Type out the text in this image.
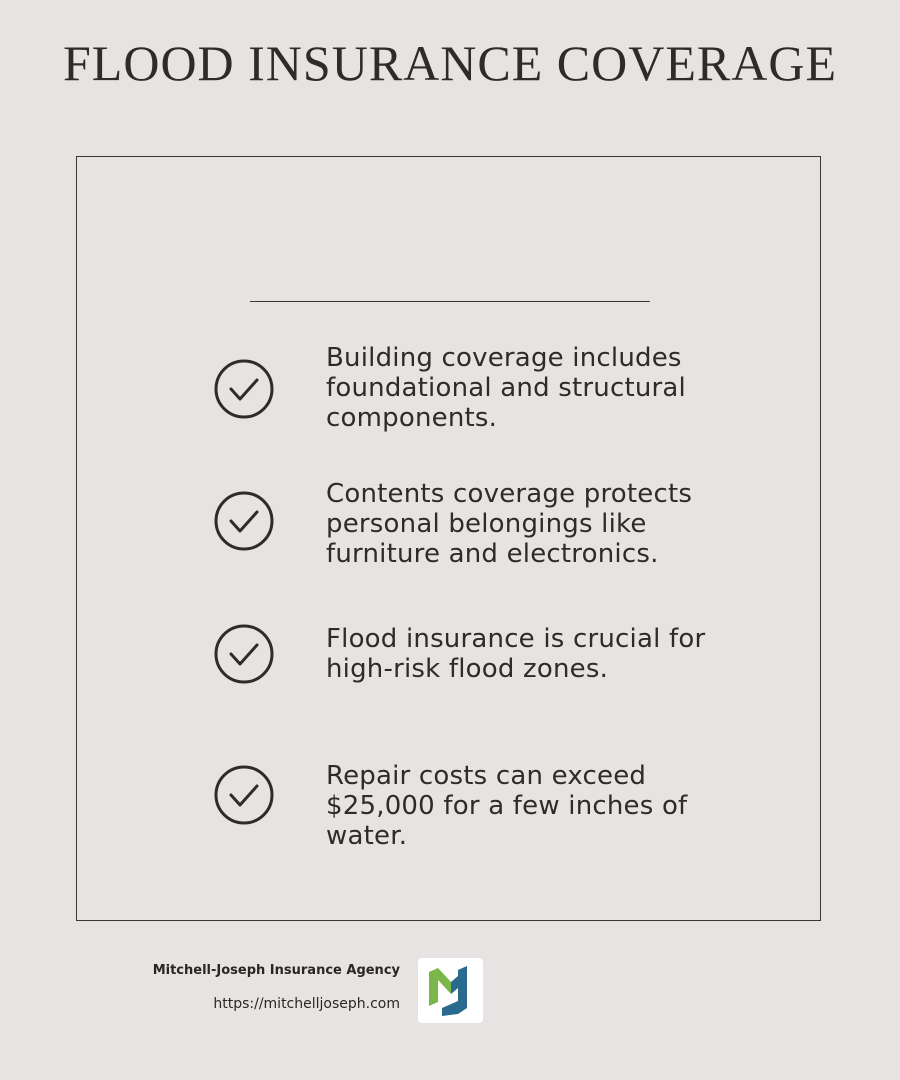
FLOOD INSURANCE COVERAGE
Building coverage includes foundational and structural components.
Contents coverage protects personal belongings like furniture and electronics.
Flood insurance is crucial for high-risk flood zones.
Repair costs can exceed $25,000 for a few inches of water.
Mitchell-Joseph Insurance Agency
https://mitchelljoseph.com
